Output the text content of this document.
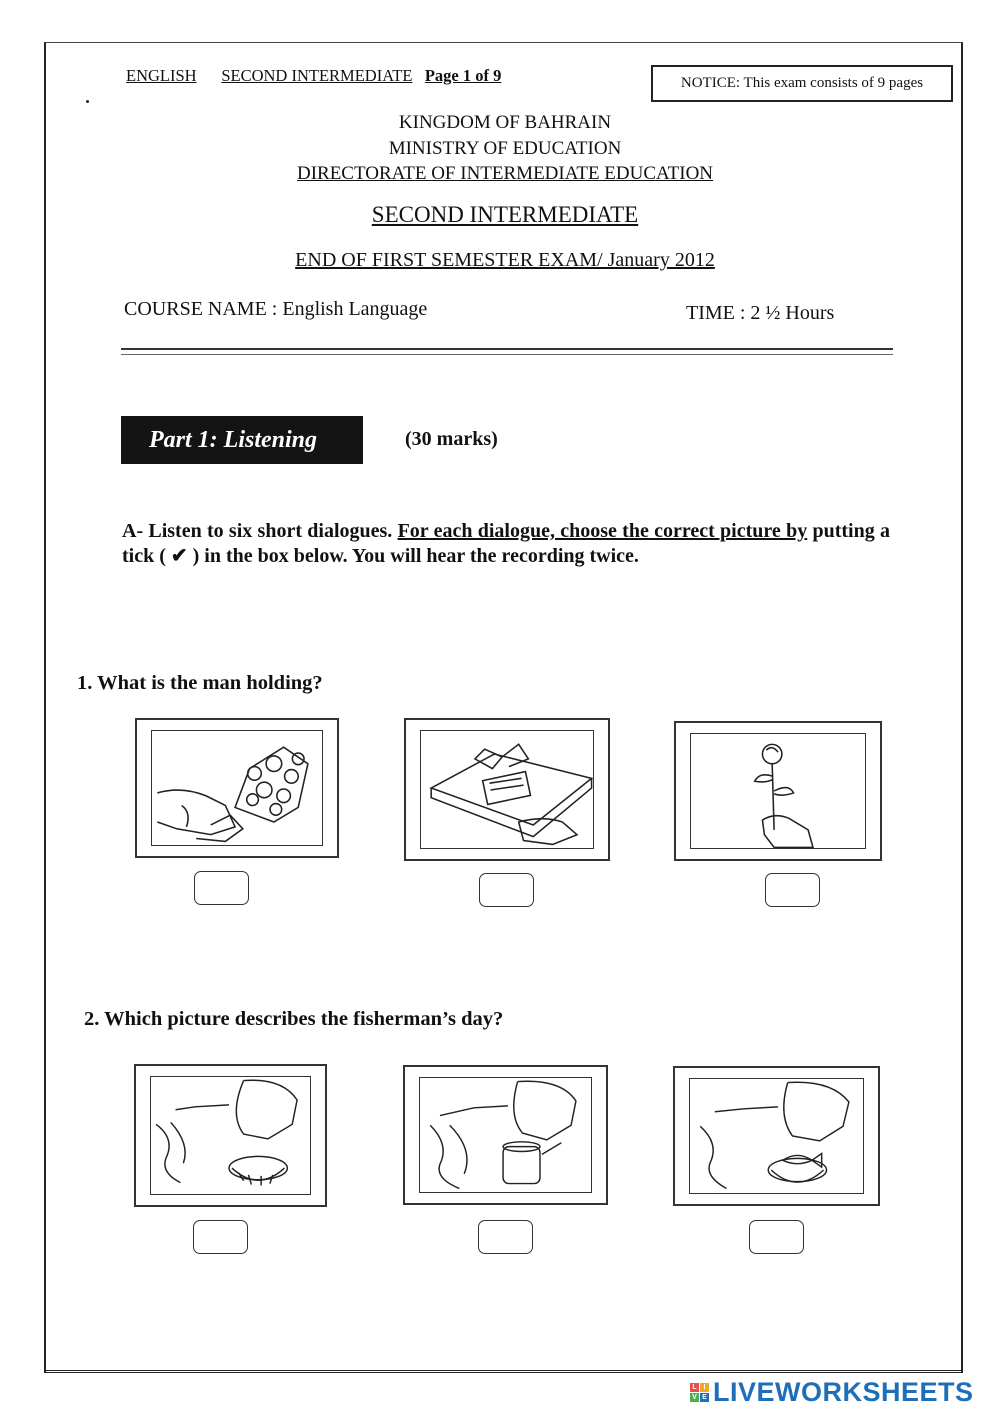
ENGLISH SECOND INTERMEDIATE Page 1 of 9	NOTICE: This exam consists of 9 pages
KINGDOM OF BAHRAIN
MINISTRY OF EDUCATION
DIRECTORATE OF INTERMEDIATE EDUCATION
SECOND INTERMEDIATE
END OF FIRST SEMESTER EXAM/ January 2012
COURSE NAME : English Language	TIME : 2 ½ Hours
Part 1: Listening	(30 marks)
A- Listen to six short dialogues. For each dialogue, choose the correct picture by putting a tick ( ✔ ) in the box below. You will hear the recording twice.
1. What is the man holding?
2. Which picture describes the fisherman’s day?
L I
V E LIVEWORKSHEETS
